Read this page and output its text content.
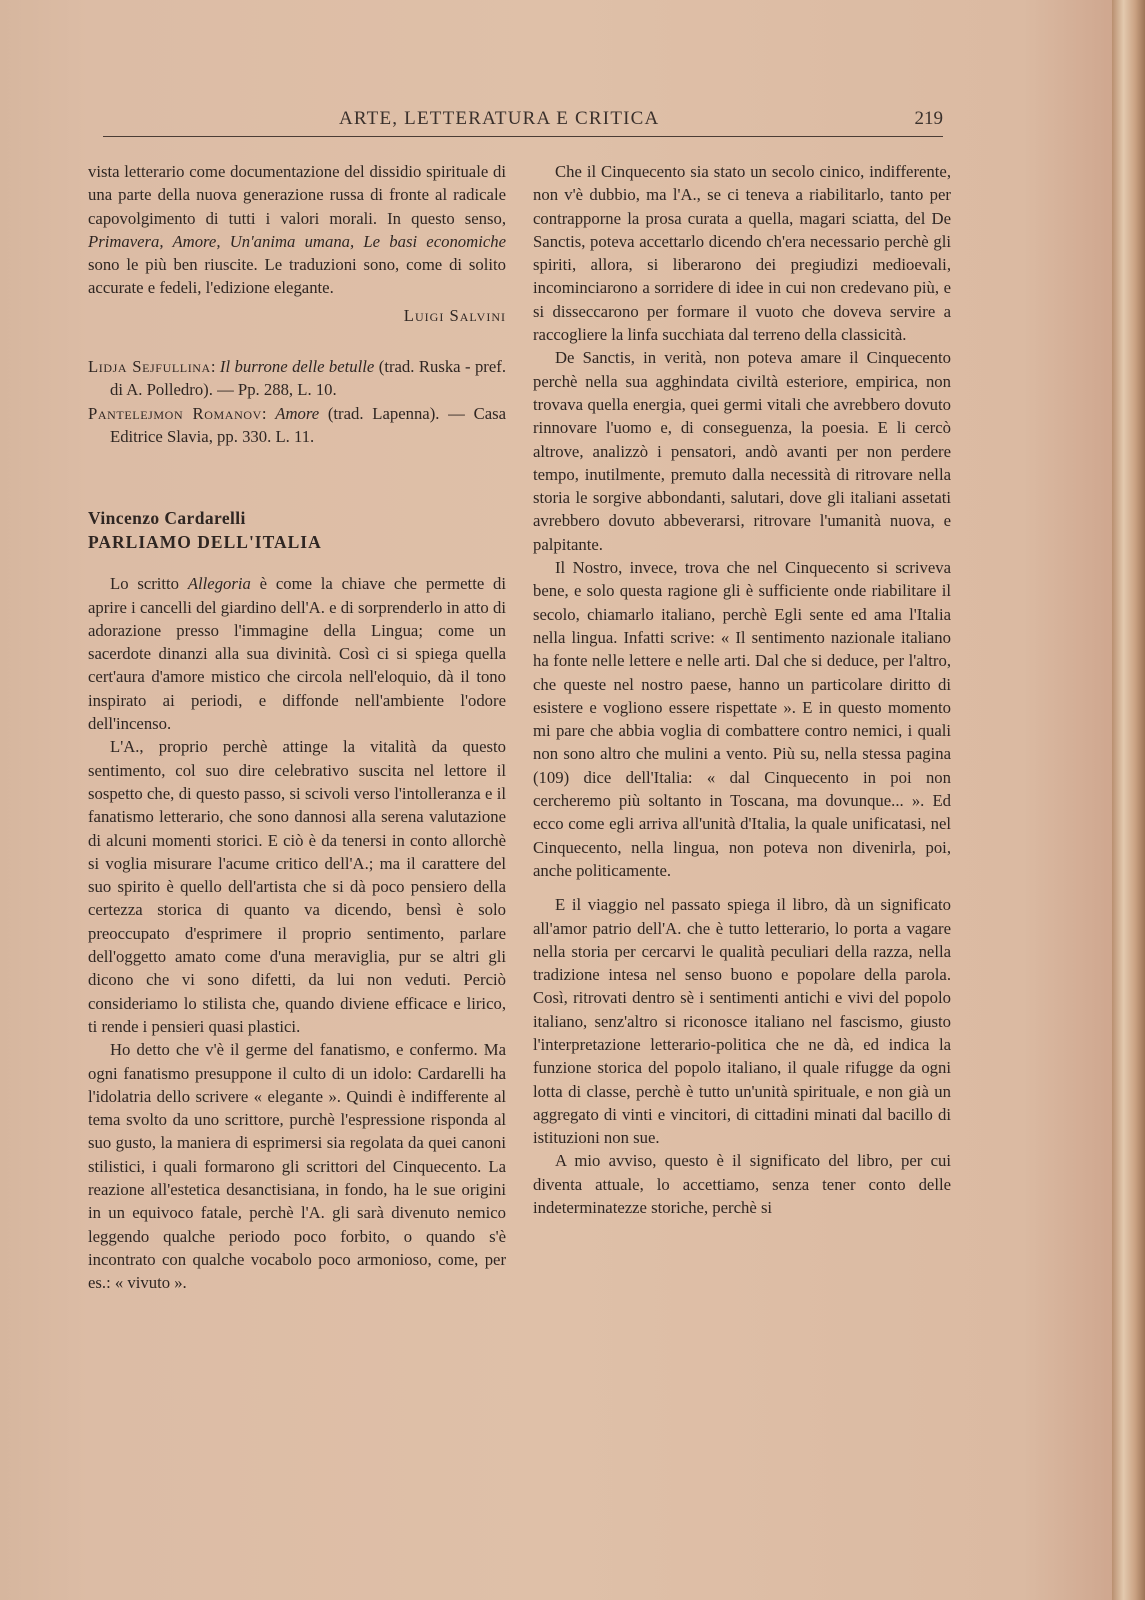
ARTE, LETTERATURA E CRITICA	219

vista letterario come documentazione del dissidio spirituale di una parte della nuova generazione russa di fronte al radicale capovolgimento di tutti i valori morali. In questo senso, Primavera, Amore, Un'anima umana, Le basi economiche sono le più ben riuscite. Le traduzioni sono, come di solito accurate e fedeli, l'edizione elegante.

Luigi Salvini

Lidja Sejfullina: Il burrone delle betulle (trad. Ruska - pref. di A. Polledro). — Pp. 288, L. 10.

Pantelejmon Romanov: Amore (trad. Lapenna). — Casa Editrice Slavia, pp. 330. L. 11.

Vincenzo Cardarelli
PARLIAMO DELL'ITALIA

Lo scritto Allegoria è come la chiave che permette di aprire i cancelli del giardino dell'A. e di sorprenderlo in atto di adorazione presso l'immagine della Lingua; come un sacerdote dinanzi alla sua divinità. Così ci si spiega quella cert'aura d'amore mistico che circola nell'eloquio, dà il tono inspirato ai periodi, e diffonde nell'ambiente l'odore dell'incenso.

L'A., proprio perchè attinge la vitalità da questo sentimento, col suo dire celebrativo suscita nel lettore il sospetto che, di questo passo, si scivoli verso l'intolleranza e il fanatismo letterario, che sono dannosi alla serena valutazione di alcuni momenti storici. E ciò è da tenersi in conto allorchè si voglia misurare l'acume critico dell'A.; ma il carattere del suo spirito è quello dell'artista che si dà poco pensiero della certezza storica di quanto va dicendo, bensì è solo preoccupato d'esprimere il proprio sentimento, parlare dell'oggetto amato come d'una meraviglia, pur se altri gli dicono che vi sono difetti, da lui non veduti. Perciò consideriamo lo stilista che, quando diviene efficace e lirico, ti rende i pensieri quasi plastici.

Ho detto che v'è il germe del fanatismo, e confermo. Ma ogni fanatismo presuppone il culto di un idolo: Cardarelli ha l'idolatria dello scrivere « elegante ». Quindi è indifferente al tema svolto da uno scrittore, purchè l'espressione risponda al suo gusto, la maniera di esprimersi sia regolata da quei canoni stilistici, i quali formarono gli scrittori del Cinquecento. La reazione all'estetica desanctisiana, in fondo, ha le sue origini in un equivoco fatale, perchè l'A. gli sarà divenuto nemico leggendo qualche periodo poco forbito, o quando s'è incontrato con qualche vocabolo poco armonioso, come, per es.: « vivuto ».

Che il Cinquecento sia stato un secolo cinico, indifferente, non v'è dubbio, ma l'A., se ci teneva a riabilitarlo, tanto per contrapporne la prosa curata a quella, magari sciatta, del De Sanctis, poteva accettarlo dicendo ch'era necessario perchè gli spiriti, allora, si liberarono dei pregiudizi medioevali, incominciarono a sorridere di idee in cui non credevano più, e si disseccarono per formare il vuoto che doveva servire a raccogliere la linfa succhiata dal terreno della classicità.

De Sanctis, in verità, non poteva amare il Cinquecento perchè nella sua agghindata civiltà esteriore, empirica, non trovava quella energia, quei germi vitali che avrebbero dovuto rinnovare l'uomo e, di conseguenza, la poesia. E li cercò altrove, analizzò i pensatori, andò avanti per non perdere tempo, inutilmente, premuto dalla necessità di ritrovare nella storia le sorgive abbondanti, salutari, dove gli italiani assetati avrebbero dovuto abbeverarsi, ritrovare l'umanità nuova, e palpitante.

Il Nostro, invece, trova che nel Cinquecento si scriveva bene, e solo questa ragione gli è sufficiente onde riabilitare il secolo, chiamarlo italiano, perchè Egli sente ed ama l'Italia nella lingua. Infatti scrive: « Il sentimento nazionale italiano ha fonte nelle lettere e nelle arti. Dal che si deduce, per l'altro, che queste nel nostro paese, hanno un particolare diritto di esistere e vogliono essere rispettate ». E in questo momento mi pare che abbia voglia di combattere contro nemici, i quali non sono altro che mulini a vento. Più su, nella stessa pagina (109) dice dell'Italia: « dal Cinquecento in poi non cercheremo più soltanto in Toscana, ma dovunque... ». Ed ecco come egli arriva all'unità d'Italia, la quale unificatasi, nel Cinquecento, nella lingua, non poteva non divenirla, poi, anche politicamente.

E il viaggio nel passato spiega il libro, dà un significato all'amor patrio dell'A. che è tutto letterario, lo porta a vagare nella storia per cercarvi le qualità peculiari della razza, nella tradizione intesa nel senso buono e popolare della parola. Così, ritrovati dentro sè i sentimenti antichi e vivi del popolo italiano, senz'altro si riconosce italiano nel fascismo, giusto l'interpretazione letterario-politica che ne dà, ed indica la funzione storica del popolo italiano, il quale rifugge da ogni lotta di classe, perchè è tutto un'unità spirituale, e non già un aggregato di vinti e vincitori, di cittadini minati dal bacillo di istituzioni non sue.

A mio avviso, questo è il significato del libro, per cui diventa attuale, lo accettiamo, senza tener conto delle indeterminatezze storiche, perchè si
